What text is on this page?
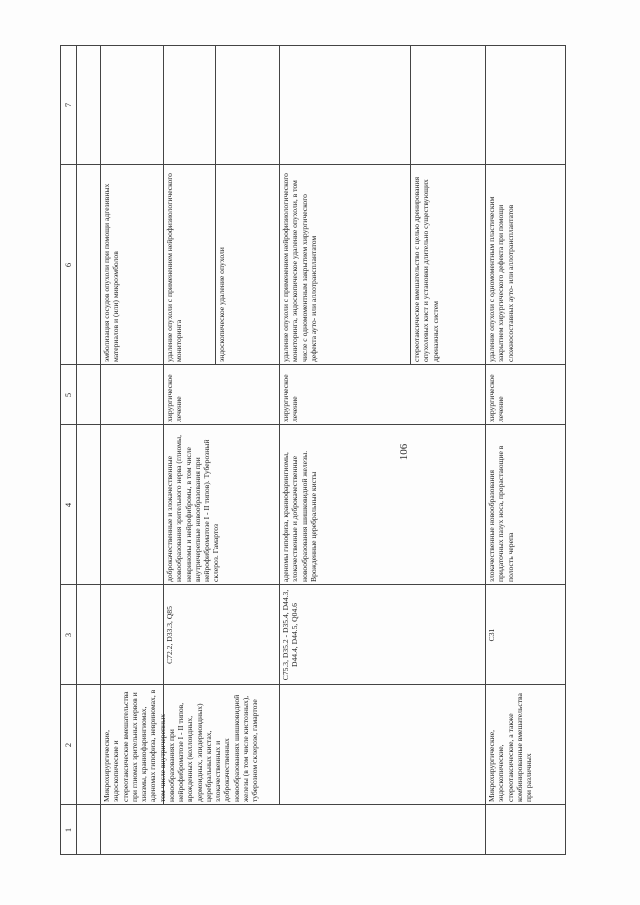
106
1
2
3
4
5
6
7
Микрохирургические, эндоскопические и стереотаксические вмешательства при глиомах зрительных нервов и хиазмы, краниофарингиомах, аденомах гипофиза, невриномах, в том числе внутричерепных новообразованиях при нейрофиброматозе I - II типов, врожденных (коллоидных, дермоидных, эпидермоидных) церебральных кистах, злокачественных и доброкачественных новообразованиях шишковидной железы (в том числе кистозных), туберозном склерозе, гамартозе
эмболизация сосудов опухоли при помощи адгезивных материалов и (или) микроэмболов
C72.2, D33.3, Q85
доброкачественные и злокачественные новообразования зрительного нерва (глиомы, невриномы и нейрофибромы, в том числе внутричерепные новообразования при нейрофиброматозе I - II типов). Туберозный склероз. Гамартоз
хирургическое лечение
удаление опухоли с применением нейрофизиологического мониторинга	эндоскопическое удаление опухоли
C75.3, D35.2 - D35.4, D44.3, D44.4, D44.5, Q04.6
аденомы гипофиза, краниофарингиомы, злокачественные и доброкачественные новообразования шишковидной железы. Врожденные церебральные кисты
хирургическое лечение
удаление опухоли с применением нейрофизиологического мониторинга, эндоскопическое удаление опухоли, в том числе с одномоментным закрытием хирургического дефекта ауто- или аллотрансплантатом	стереотаксическое вмешательство с целью дренирования опухолевых кист и установки длительно существующих дренажных систем
Микрохирургические, эндоскопические, стереотаксические, а также комбинированные вмешательства при различных
C31
злокачественные новообразования придаточных пазух носа, прорастающие в полость черепа
хирургическое лечение
удаление опухоли с одномоментным пластическим закрытием хирургического дефекта при помощи сложносоставных ауто- или аллотрансплантатов
